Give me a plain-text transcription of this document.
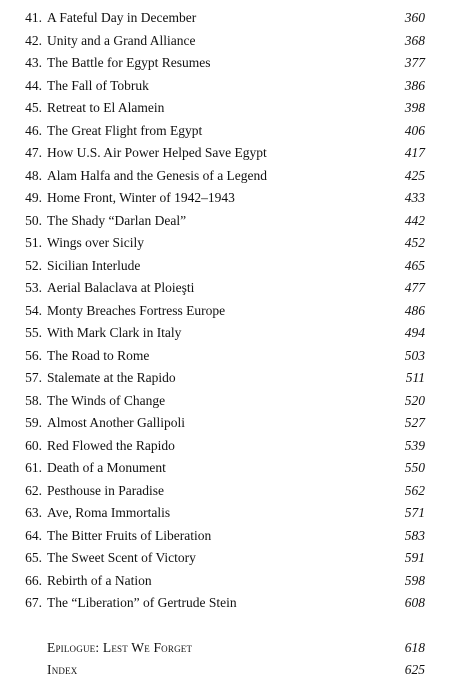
41. A Fateful Day in December	360
42. Unity and a Grand Alliance	368
43. The Battle for Egypt Resumes	377
44. The Fall of Tobruk	386
45. Retreat to El Alamein	398
46. The Great Flight from Egypt	406
47. How U.S. Air Power Helped Save Egypt	417
48. Alam Halfa and the Genesis of a Legend	425
49. Home Front, Winter of 1942–1943	433
50. The Shady “Darlan Deal”	442
51. Wings over Sicily	452
52. Sicilian Interlude	465
53. Aerial Balaclava at Ploieşti	477
54. Monty Breaches Fortress Europe	486
55. With Mark Clark in Italy	494
56. The Road to Rome	503
57. Stalemate at the Rapido	511
58. The Winds of Change	520
59. Almost Another Gallipoli	527
60. Red Flowed the Rapido	539
61. Death of a Monument	550
62. Pesthouse in Paradise	562
63. Ave, Roma Immortalis	571
64. The Bitter Fruits of Liberation	583
65. The Sweet Scent of Victory	591
66. Rebirth of a Nation	598
67. The “Liberation” of Gertrude Stein	608
Epilogue: Lest We Forget	618
Index	625
